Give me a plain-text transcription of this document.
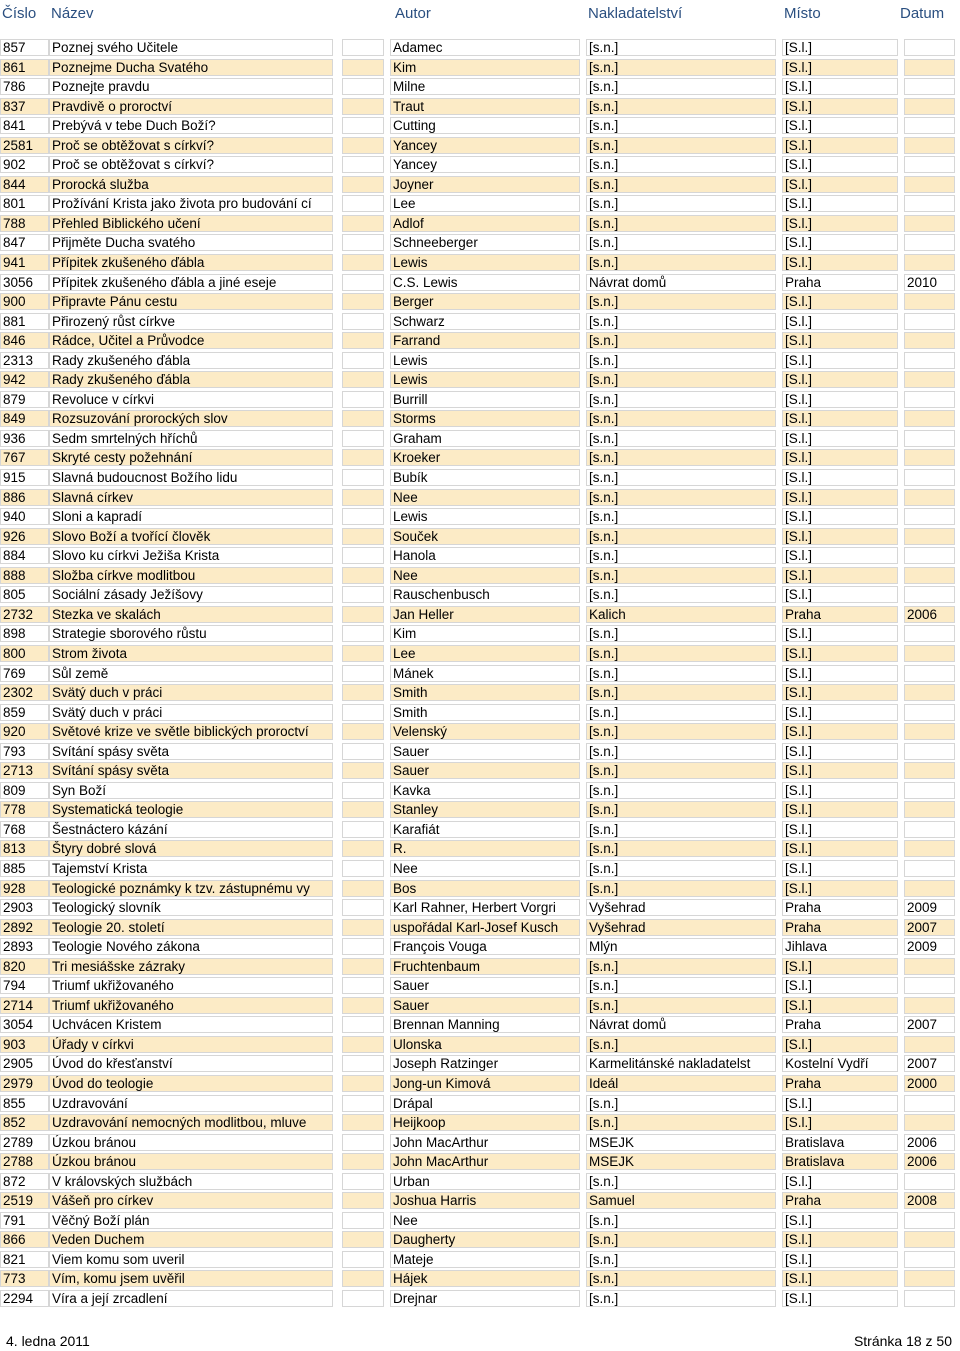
Číslo Název	Autor	Nakladatelství	Místo	Datum
857	Poznej svého Učitele	Adamec	[s.n.]	[S.l.]
861	Poznejme Ducha Svatého	Kim	[s.n.]	[S.l.]
786	Poznejte pravdu	Milne	[s.n.]	[S.l.]
837	Pravdivě o proroctví	Traut	[s.n.]	[S.l.]
841	Prebývá v tebe Duch Boží?	Cutting	[s.n.]	[S.l.]
2581	Proč se obtěžovat s církví?	Yancey	[s.n.]	[S.l.]
902	Proč se obtěžovat s církví?	Yancey	[s.n.]	[S.l.]
844	Prorocká služba	Joyner	[s.n.]	[S.l.]
801	Prožívání Krista jako života pro budování cí	Lee	[s.n.]	[S.l.]
788	Přehled Biblického učení	Adlof	[s.n.]	[S.l.]
847	Přijměte Ducha svatého	Schneeberger	[s.n.]	[S.l.]
941	Přípitek zkušeného ďábla	Lewis	[s.n.]	[S.l.]
3056	Přípitek zkušeného ďábla a jiné eseje	C.S. Lewis	Návrat domů	Praha	2010
900	Připravte Pánu cestu	Berger	[s.n.]	[S.l.]
881	Přirozený růst církve	Schwarz	[s.n.]	[S.l.]
846	Rádce, Učitel a Průvodce	Farrand	[s.n.]	[S.l.]
2313	Rady zkušeného ďábla	Lewis	[s.n.]	[S.l.]
942	Rady zkušeného ďábla	Lewis	[s.n.]	[S.l.]
879	Revoluce v církvi	Burrill	[s.n.]	[S.l.]
849	Rozsuzování prorockých slov	Storms	[s.n.]	[S.l.]
936	Sedm smrtelných hříchů	Graham	[s.n.]	[S.l.]
767	Skryté cesty požehnání	Kroeker	[s.n.]	[S.l.]
915	Slavná budoucnost Božího lidu	Bubík	[s.n.]	[S.l.]
886	Slavná církev	Nee	[s.n.]	[S.l.]
940	Sloni a kapradí	Lewis	[s.n.]	[S.l.]
926	Slovo Boží a tvořící člověk	Souček	[s.n.]	[S.l.]
884	Slovo ku církvi Ježiša Krista	Hanola	[s.n.]	[S.l.]
888	Složba církve modlitbou	Nee	[s.n.]	[S.l.]
805	Sociální zásady Ježíšovy	Rauschenbusch	[s.n.]	[S.l.]
2732	Stezka ve skalách	Jan Heller	Kalich	Praha	2006
898	Strategie sborového růstu	Kim	[s.n.]	[S.l.]
800	Strom života	Lee	[s.n.]	[S.l.]
769	Sůl země	Mánek	[s.n.]	[S.l.]
2302	Svätý duch v práci	Smith	[s.n.]	[S.l.]
859	Svätý duch v práci	Smith	[s.n.]	[S.l.]
920	Světové krize ve světle biblických proroctví	Velenský	[s.n.]	[S.l.]
793	Svítání spásy světa	Sauer	[s.n.]	[S.l.]
2713	Svítání spásy světa	Sauer	[s.n.]	[S.l.]
809	Syn Boží	Kavka	[s.n.]	[S.l.]
778	Systematická teologie	Stanley	[s.n.]	[S.l.]
768	Šestnáctero kázání	Karafiát	[s.n.]	[S.l.]
813	Štyry dobré slová	R.	[s.n.]	[S.l.]
885	Tajemství Krista	Nee	[s.n.]	[S.l.]
928	Teologické poznámky k tzv. zástupnému vy	Bos	[s.n.]	[S.l.]
2903	Teologický slovník	Karl Rahner, Herbert Vorgri	Vyšehrad	Praha	2009
2892	Teologie 20. století	uspořádal Karl-Josef Kusch	Vyšehrad	Praha	2007
2893	Teologie Nového zákona	François Vouga	Mlýn	Jihlava	2009
820	Tri mesiášske zázraky	Fruchtenbaum	[s.n.]	[S.l.]
794	Triumf ukřižovaného	Sauer	[s.n.]	[S.l.]
2714	Triumf ukřižovaného	Sauer	[s.n.]	[S.l.]
3054	Uchvácen Kristem	Brennan Manning	Návrat domů	Praha	2007
903	Úřady v církvi	Ulonska	[s.n.]	[S.l.]
2905	Úvod do křesťanství	Joseph Ratzinger	Karmelitánské nakladatelst	Kostelní Vydří	2007
2979	Úvod do teologie	Jong-un Kimová	Ideál	Praha	2000
855	Uzdravování	Drápal	[s.n.]	[S.l.]
852	Uzdravování nemocných modlitbou, mluve	Heijkoop	[s.n.]	[S.l.]
2789	Úzkou bránou	John MacArthur	MSEJK	Bratislava	2006
2788	Úzkou bránou	John MacArthur	MSEJK	Bratislava	2006
872	V královských službách	Urban	[s.n.]	[S.l.]
2519	Vášeň pro církev	Joshua Harris	Samuel	Praha	2008
791	Věčný Boží plán	Nee	[s.n.]	[S.l.]
866	Veden Duchem	Daugherty	[s.n.]	[S.l.]
821	Viem komu som uveril	Mateje	[s.n.]	[S.l.]
773	Vím, komu jsem uvěřil	Hájek	[s.n.]	[S.l.]
2294	Víra a její zrcadlení	Drejnar	[s.n.]	[S.l.]
4. ledna 2011	Stránka 18 z 50
